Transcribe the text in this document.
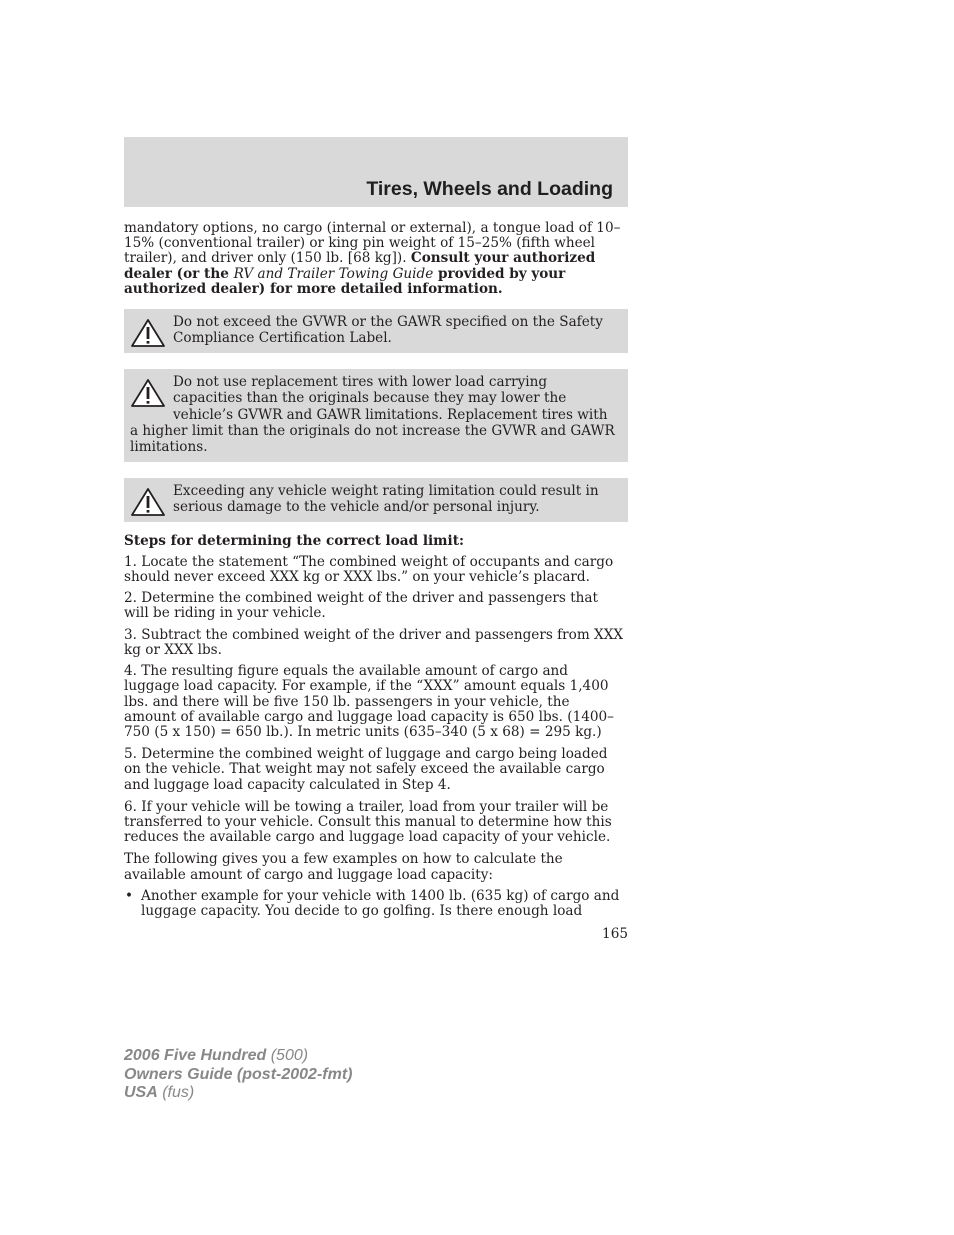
Tires, Wheels and Loading

mandatory options, no cargo (internal or external), a tongue load of 10–15% (conventional trailer) or king pin weight of 15–25% (fifth wheel trailer), and driver only (150 lb. [68 kg]). Consult your authorized dealer (or the RV and Trailer Towing Guide provided by your authorized dealer) for more detailed information.

Do not exceed the GVWR or the GAWR specified on the Safety Compliance Certification Label.

Do not use replacement tires with lower load carrying capacities than the originals because they may lower the vehicle’s GVWR and GAWR limitations. Replacement tires with a higher limit than the originals do not increase the GVWR and GAWR limitations.

Exceeding any vehicle weight rating limitation could result in serious damage to the vehicle and/or personal injury.

Steps for determining the correct load limit:

1. Locate the statement “The combined weight of occupants and cargo should never exceed XXX kg or XXX lbs.” on your vehicle’s placard.

2. Determine the combined weight of the driver and passengers that will be riding in your vehicle.

3. Subtract the combined weight of the driver and passengers from XXX kg or XXX lbs.

4. The resulting figure equals the available amount of cargo and luggage load capacity. For example, if the “XXX” amount equals 1,400 lbs. and there will be five 150 lb. passengers in your vehicle, the amount of available cargo and luggage load capacity is 650 lbs. (1400–750 (5 x 150) = 650 lb.). In metric units (635–340 (5 x 68) = 295 kg.)

5. Determine the combined weight of luggage and cargo being loaded on the vehicle. That weight may not safely exceed the available cargo and luggage load capacity calculated in Step 4.

6. If your vehicle will be towing a trailer, load from your trailer will be transferred to your vehicle. Consult this manual to determine how this reduces the available cargo and luggage load capacity of your vehicle.

The following gives you a few examples on how to calculate the available amount of cargo and luggage load capacity:

• Another example for your vehicle with 1400 lb. (635 kg) of cargo and luggage capacity. You decide to go golfing. Is there enough load

165

2006 Five Hundred (500)
Owners Guide (post-2002-fmt)
USA (fus)
